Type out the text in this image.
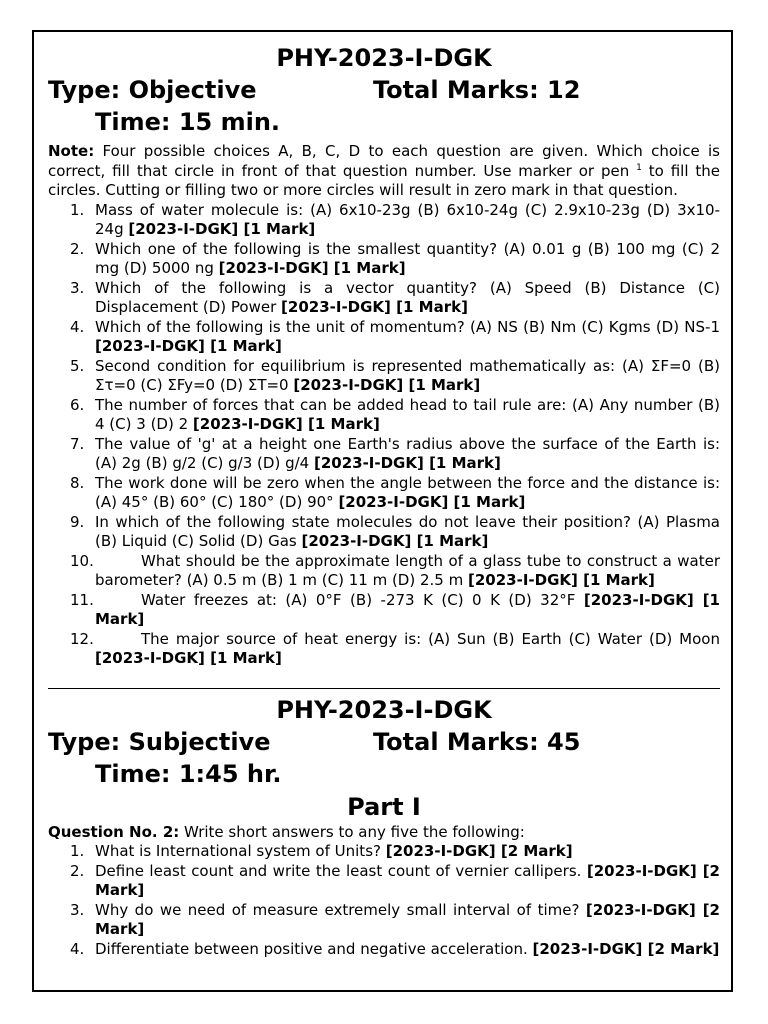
PHY-2023-I-DGK
Type: Objective	Total Marks: 12
Time: 15 min.
Note: Four possible choices A, B, C, D to each question are given. Which choice is correct, fill that circle in front of that question number. Use marker or pen $^1$ to fill the circles. Cutting or filling two or more circles will result in zero mark in that question.
1. Mass of water molecule is: (A) 6x10-23g (B) 6x10-24g (C) 2.9x10-23g (D) 3x10-24g [2023-I-DGK] [1 Mark]
2. Which one of the following is the smallest quantity? (A) 0.01 g (B) 100 mg (C) 2 mg (D) 5000 ng [2023-I-DGK] [1 Mark]
3. Which of the following is a vector quantity? (A) Speed (B) Distance (C) Displacement (D) Power [2023-I-DGK] [1 Mark]
4. Which of the following is the unit of momentum? (A) NS (B) Nm (C) Kgms (D) NS-1 [2023-I-DGK] [1 Mark]
5. Second condition for equilibrium is represented mathematically as: (A) ΣF=0 (B) Στ=0 (C) ΣFy=0 (D) ΣT=0 [2023-I-DGK] [1 Mark]
6. The number of forces that can be added head to tail rule are: (A) Any number (B) 4 (C) 3 (D) 2 [2023-I-DGK] [1 Mark]
7. The value of 'g' at a height one Earth's radius above the surface of the Earth is: (A) 2g (B) g/2 (C) g/3 (D) g/4 [2023-I-DGK] [1 Mark]
8. The work done will be zero when the angle between the force and the distance is: (A) 45° (B) 60° (C) 180° (D) 90° [2023-I-DGK] [1 Mark]
9. In which of the following state molecules do not leave their position? (A) Plasma (B) Liquid (C) Solid (D) Gas [2023-I-DGK] [1 Mark]
10.	What should be the approximate length of a glass tube to construct a water barometer? (A) 0.5 m (B) 1 m (C) 11 m (D) 2.5 m [2023-I-DGK] [1 Mark]
11.	Water freezes at: (A) 0°F (B) -273 K (C) 0 K (D) 32°F [2023-I-DGK] [1 Mark]
12.	The major source of heat energy is: (A) Sun (B) Earth (C) Water (D) Moon [2023-I-DGK] [1 Mark]
PHY-2023-I-DGK
Type: Subjective	Total Marks: 45
Time: 1:45 hr.
Part I
Question No. 2: Write short answers to any five the following:
1. What is International system of Units? [2023-I-DGK] [2 Mark]
2. Define least count and write the least count of vernier callipers. [2023-I-DGK] [2 Mark]
3. Why do we need of measure extremely small interval of time? [2023-I-DGK] [2 Mark]
4. Differentiate between positive and negative acceleration. [2023-I-DGK] [2 Mark]
